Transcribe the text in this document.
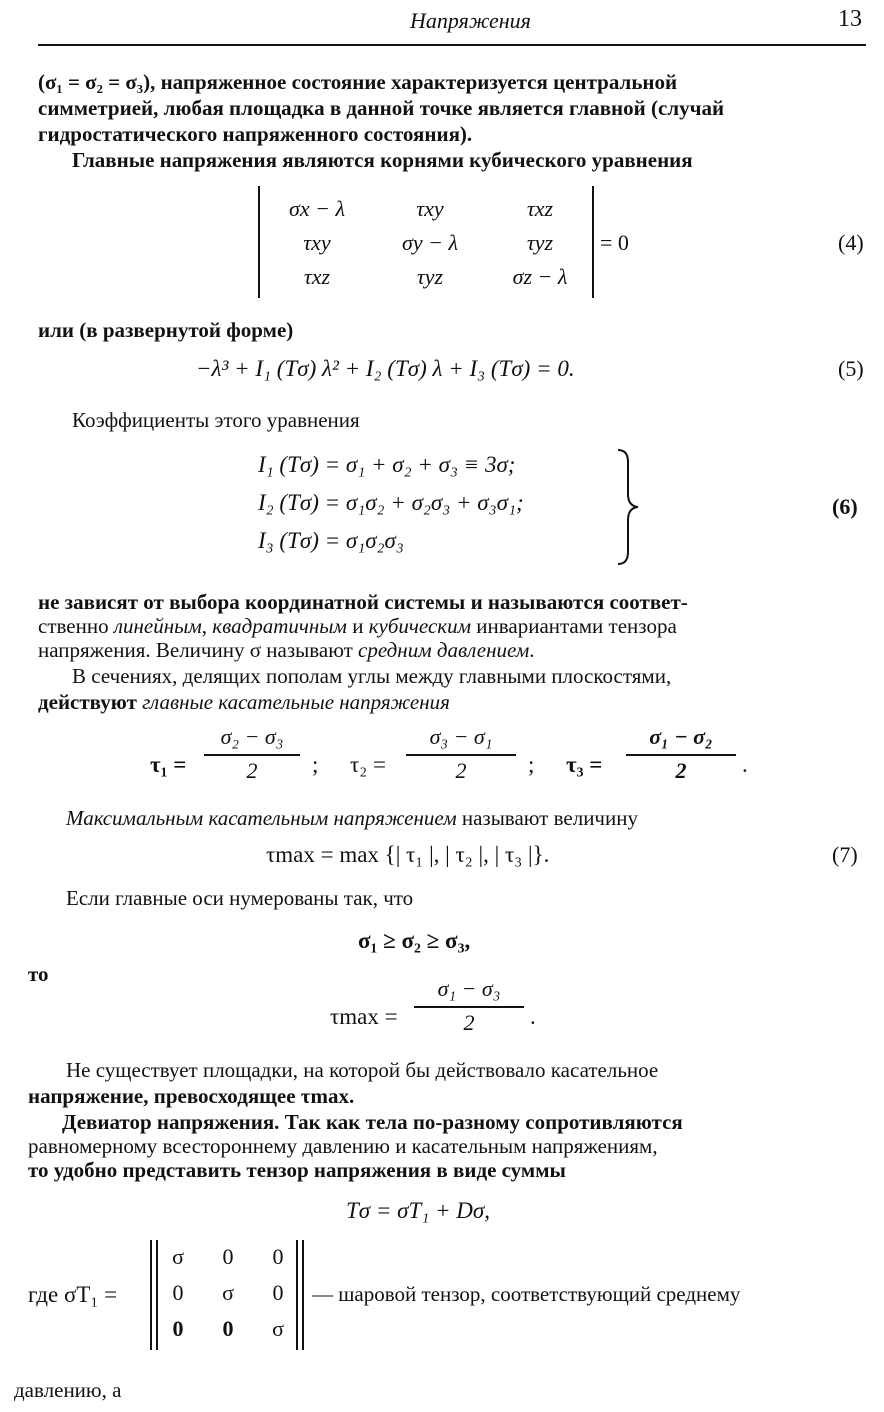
Напряжения	13
(σ₁ = σ₂ = σ₃), напряженное состояние характеризуется центральной
симметрией, любая площадка в данной точке является главной (случай
гидростатического напряженного состояния).
Главные напряжения являются корнями кубического уравнения
σx − λ	τxy	τxz
τxy	σy − λ	τyz
τxz	τyz	σz − λ
= 0	(4)
или (в развернутой форме)
−λ³ + I₁ (Tσ) λ² + I₂ (Tσ) λ + I₃ (Tσ) = 0.	(5)
Коэффициенты этого уравнения
I₁ (Tσ) = σ₁ + σ₂ + σ₃ ≡ 3σ;
I₂ (Tσ) = σ₁σ₂ + σ₂σ₃ + σ₃σ₁;
I₃ (Tσ) = σ₁σ₂σ₃
(6)
не зависят от выбора координатной системы и называются соответ-
ственно линейным, квадратичным и кубическим инвариантами тензора
напряжения. Величину σ называют средним давлением.
В сечениях, делящих пополам углы между главными плоскостями,
действуют главные касательные напряжения
τ₁ =
σ₂ − σ₃
2	; τ₂ =
σ₃ − σ₁
2	; τ₃ =
σ₁ − σ₂
2	.
Максимальным касательным напряжением называют величину
τmax = max {| τ₁ |, | τ₂ |, | τ₃ |}.	(7)
Если главные оси нумерованы так, что
σ₁ ≥ σ₂ ≥ σ₃,
то
τmax =
σ₁ − σ₃
2	.
Не существует площадки, на которой бы действовало касательное
напряжение, превосходящее τmax.
Девиатор напряжения. Так как тела по-разному сопротивляются
равномерному всестороннему давлению и касательным напряжениям,
то удобно представить тензор напряжения в виде суммы
Tσ = σT₁ + Dσ,
где σT₁ =
σ	0	0
0	σ	0
0	0	σ
— шаровой тензор, соответствующий среднему
давлению, а
